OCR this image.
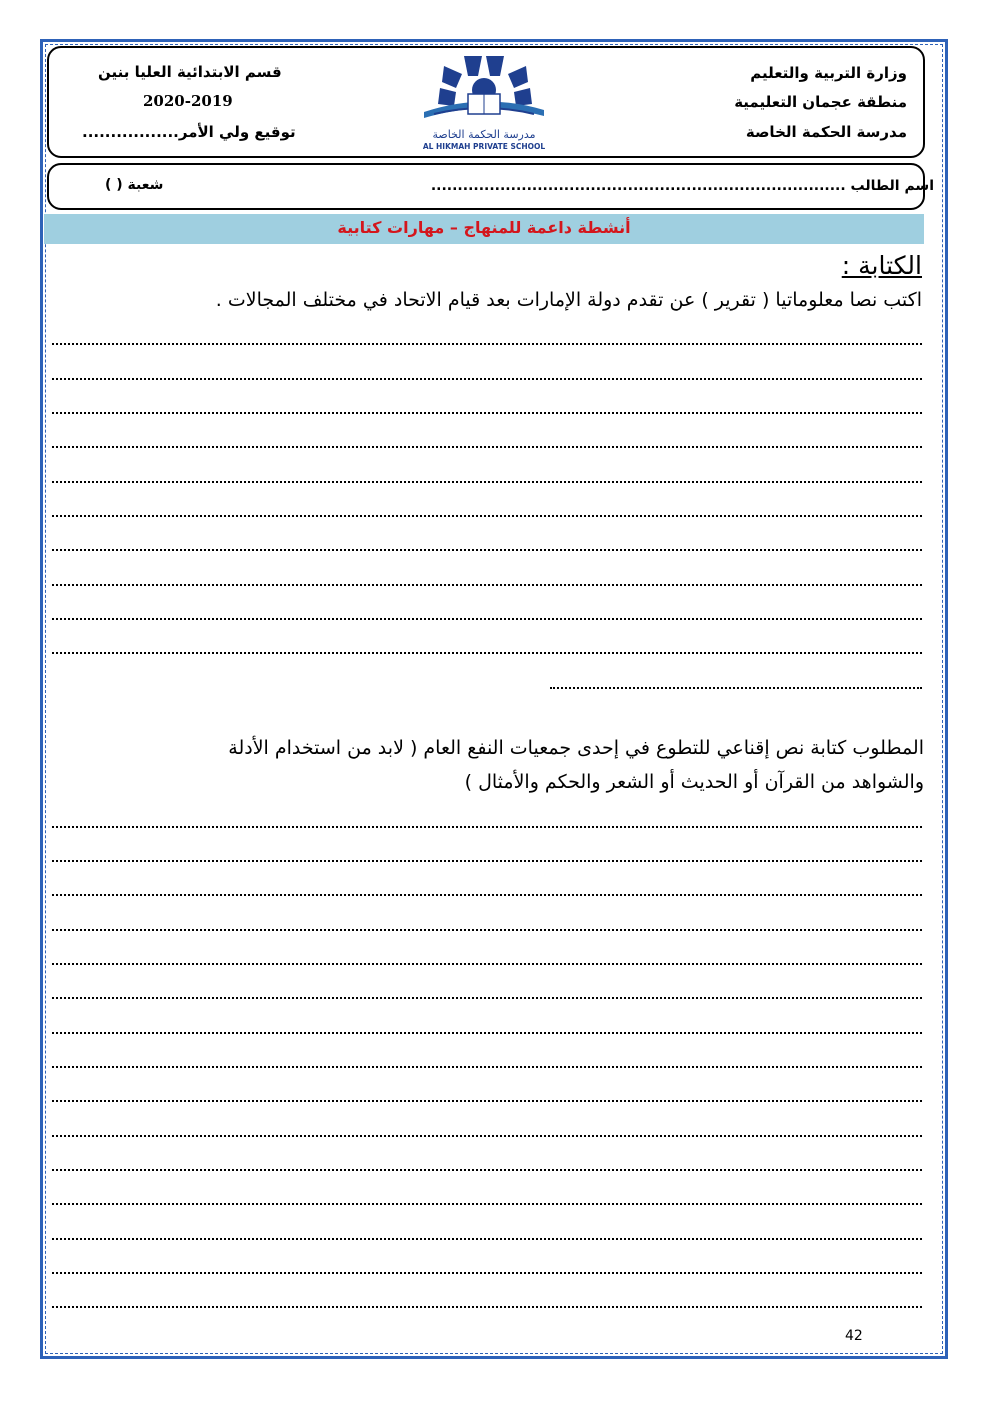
وزارة التربية والتعليم
منطقة عجمان التعليمية
مدرسة الحكمة الخاصة
قسم الابتدائية العليا بنين
2020-2019
توقيع ولي الأمر.................	مدرسة الحكمة الخاصة
AL HIKMAH PRIVATE SCHOOL
اسم الطالب ..............................................................................
شعبة ( )
أنشطة داعمة للمنهاج – مهارات كتابية
الكتابة :
اكتب نصا معلوماتيا ( تقرير ) عن تقدم دولة الإمارات بعد قيام الاتحاد في مختلف المجالات .
المطلوب كتابة نص إقناعي للتطوع في إحدى جمعيات النفع العام ( لابد من استخدام الأدلة
والشواهد من القرآن أو الحديث أو الشعر والحكم والأمثال )
42
